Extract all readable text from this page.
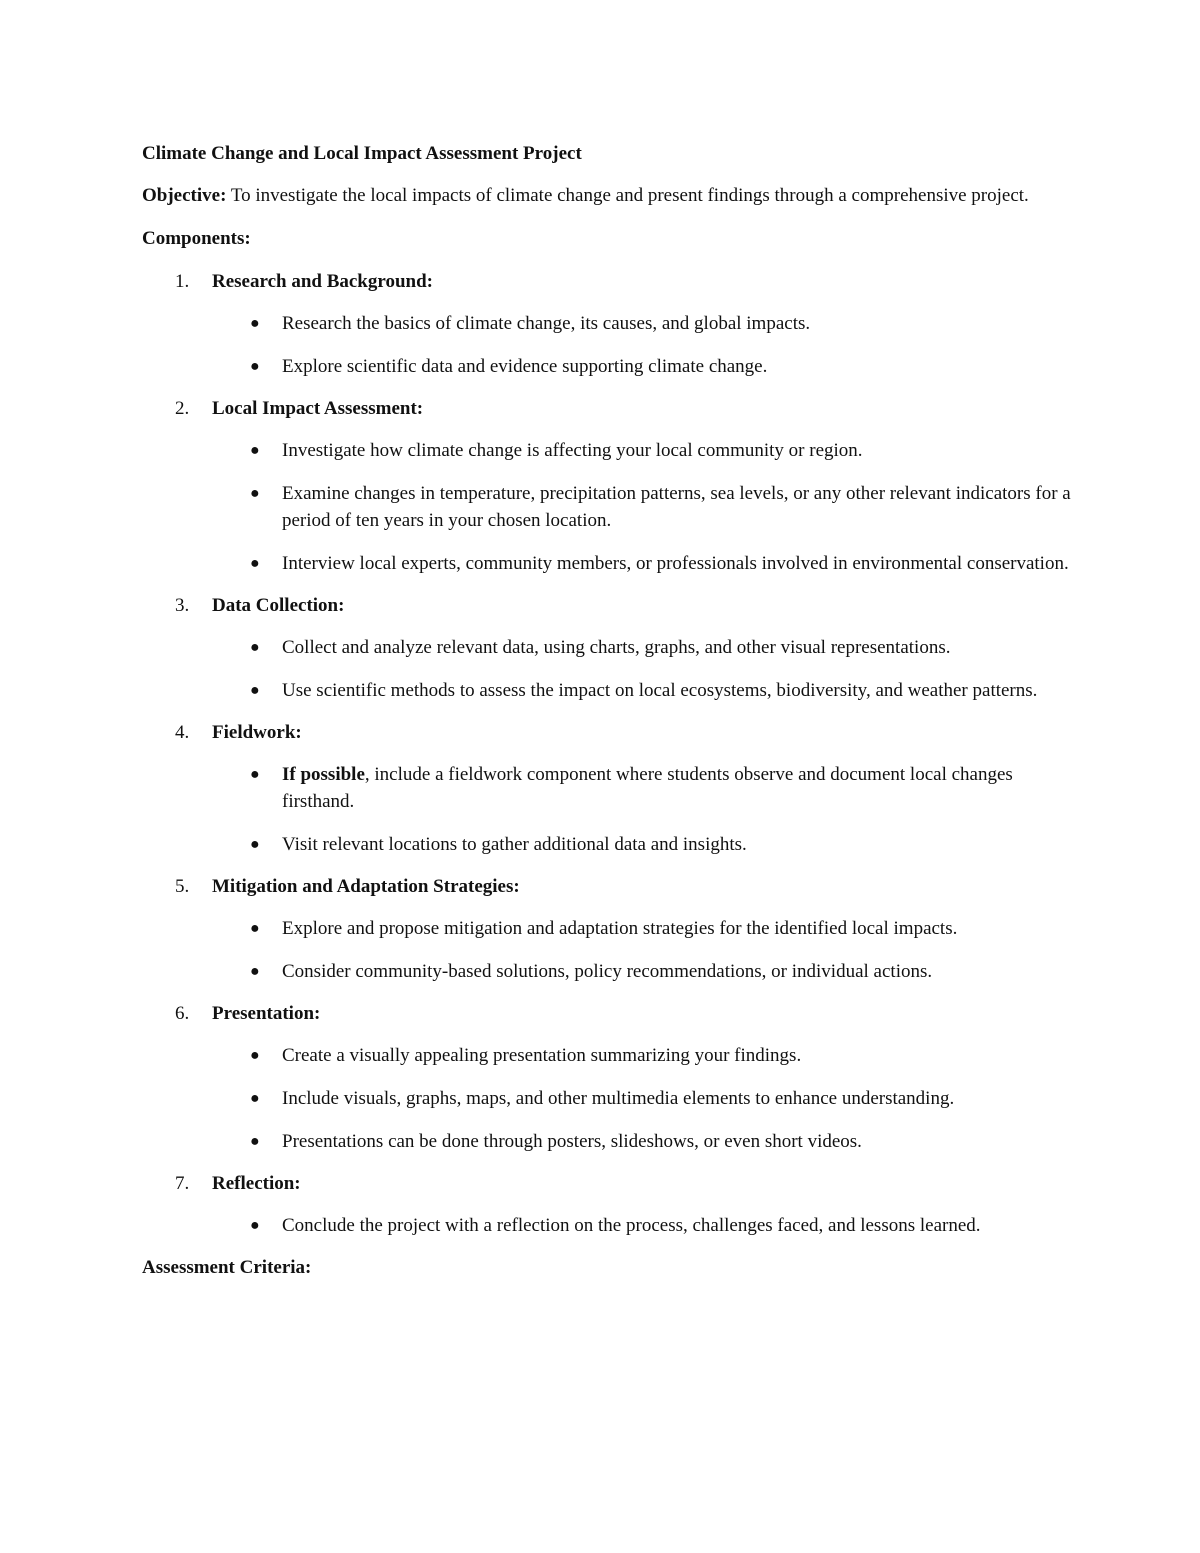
Climate Change and Local Impact Assessment Project

Objective: To investigate the local impacts of climate change and present findings through a comprehensive project.

Components:

1. Research and Background:
● Research the basics of climate change, its causes, and global impacts.
● Explore scientific data and evidence supporting climate change.
2. Local Impact Assessment:
● Investigate how climate change is affecting your local community or region.
● Examine changes in temperature, precipitation patterns, sea levels, or any other relevant indicators for a period of ten years in your chosen location.
● Interview local experts, community members, or professionals involved in environmental conservation.
3. Data Collection:
● Collect and analyze relevant data, using charts, graphs, and other visual representations.
● Use scientific methods to assess the impact on local ecosystems, biodiversity, and weather patterns.
4. Fieldwork:
● If possible, include a fieldwork component where students observe and document local changes firsthand.
● Visit relevant locations to gather additional data and insights.
5. Mitigation and Adaptation Strategies:
● Explore and propose mitigation and adaptation strategies for the identified local impacts.
● Consider community-based solutions, policy recommendations, or individual actions.
6. Presentation:
● Create a visually appealing presentation summarizing your findings.
● Include visuals, graphs, maps, and other multimedia elements to enhance understanding.
● Presentations can be done through posters, slideshows, or even short videos.
7. Reflection:
● Conclude the project with a reflection on the process, challenges faced, and lessons learned.

Assessment Criteria:
